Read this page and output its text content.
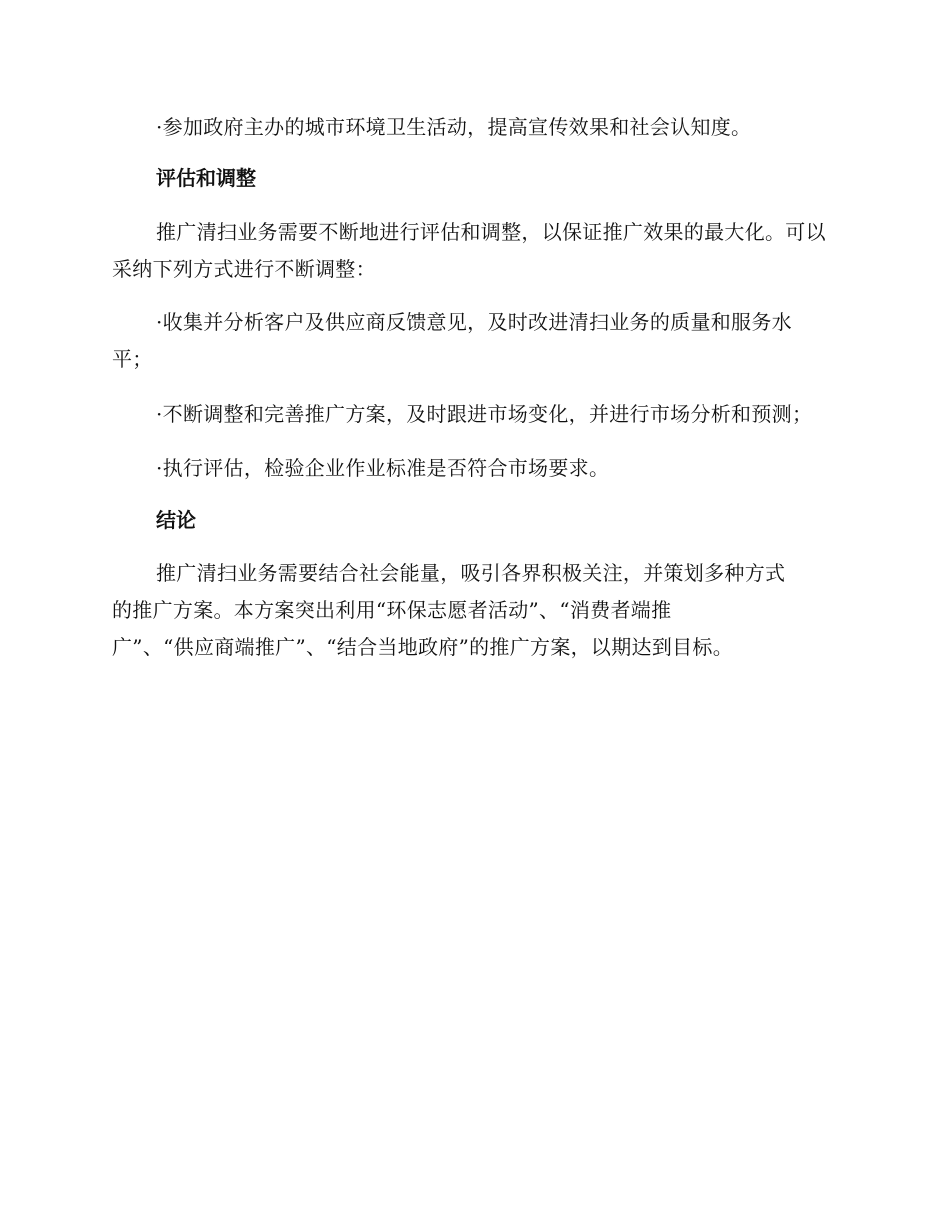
·参加政府主办的城市环境卫生活动，提高宣传效果和社会认知度。

评估和调整

推广清扫业务需要不断地进行评估和调整，以保证推广效果的最大化。可以采纳下列方式进行不断调整：

·收集并分析客户及供应商反馈意见，及时改进清扫业务的质量和服务水平；

·不断调整和完善推广方案，及时跟进市场变化，并进行市场分析和预测；

·执行评估，检验企业作业标准是否符合市场要求。

结论

推广清扫业务需要结合社会能量，吸引各界积极关注，并策划多种方式

的推广方案。本方案突出利用“环保志愿者活动”、“消费者端推

广”、“供应商端推广”、“结合当地政府”的推广方案，以期达到目标。
